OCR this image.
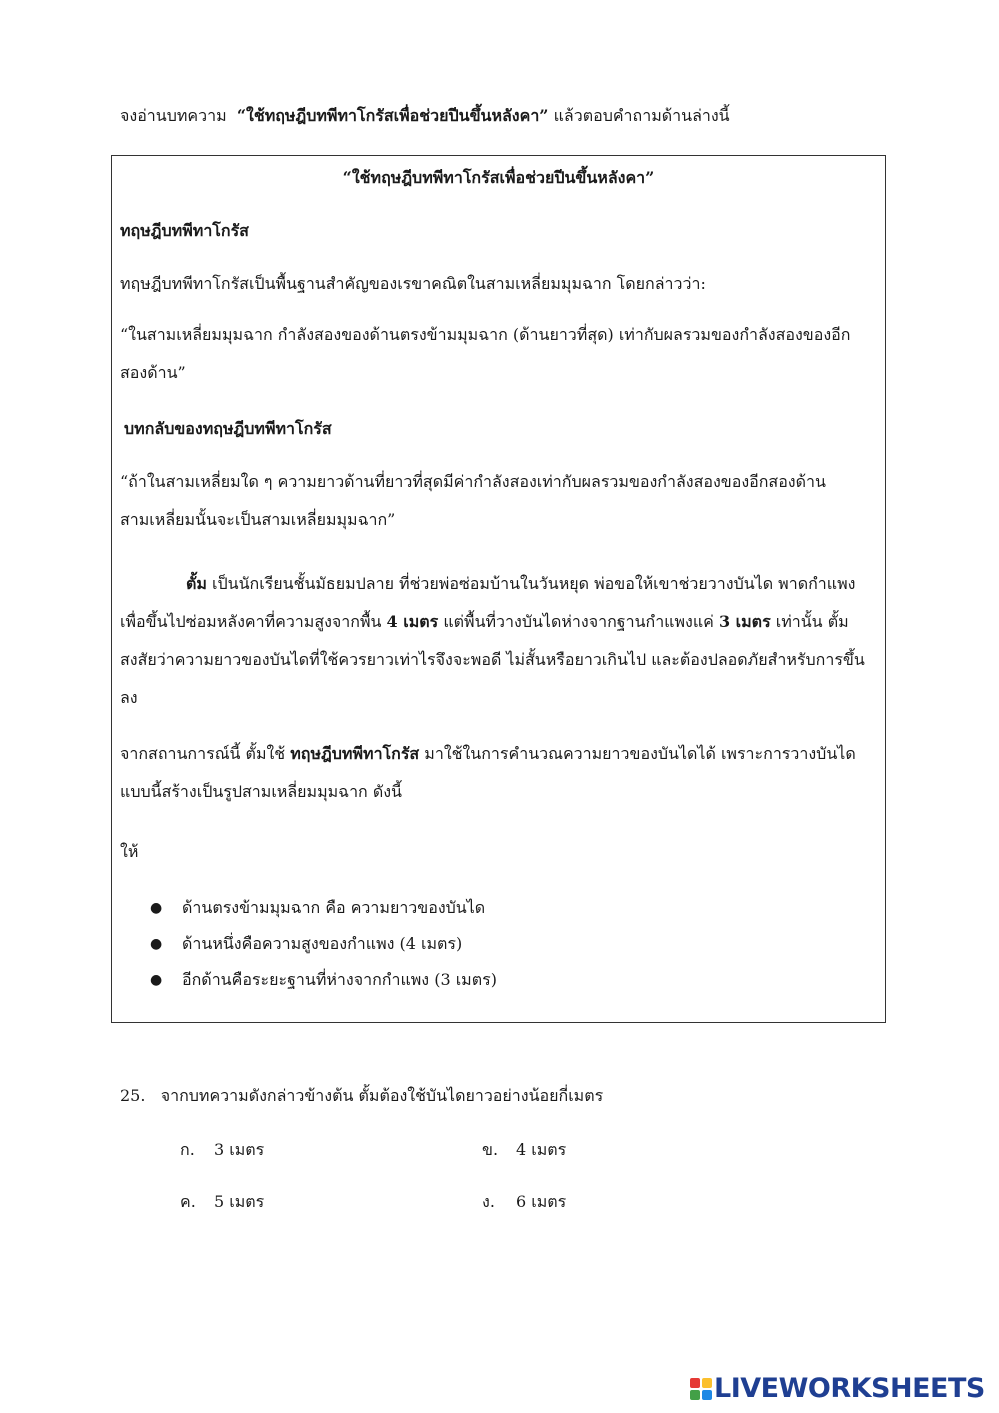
จงอ่านบทความ “ใช้ทฤษฎีบทพีทาโกรัสเพื่อช่วยปีนขึ้นหลังคา” แล้วตอบคำถามด้านล่างนี้
“ใช้ทฤษฎีบทพีทาโกรัสเพื่อช่วยปีนขึ้นหลังคา”
ทฤษฎีบทพีทาโกรัส
ทฤษฎีบทพีทาโกรัสเป็นพื้นฐานสำคัญของเรขาคณิตในสามเหลี่ยมมุมฉาก โดยกล่าวว่า:
“ในสามเหลี่ยมมุมฉาก กำลังสองของด้านตรงข้ามมุมฉาก (ด้านยาวที่สุด) เท่ากับผลรวมของกำลังสองของอีกสองด้าน”
บทกลับของทฤษฎีบทพีทาโกรัส
“ถ้าในสามเหลี่ยมใด ๆ ความยาวด้านที่ยาวที่สุดมีค่ากำลังสองเท่ากับผลรวมของกำลังสองของอีกสองด้าน สามเหลี่ยมนั้นจะเป็นสามเหลี่ยมมุมฉาก”
ตั้ม เป็นนักเรียนชั้นมัธยมปลาย ที่ช่วยพ่อซ่อมบ้านในวันหยุด พ่อขอให้เขาช่วยวางบันได พาดกำแพงเพื่อขึ้นไปซ่อมหลังคาที่ความสูงจากพื้น 4 เมตร แต่พื้นที่วางบันไดห่างจากฐานกำแพงแค่ 3 เมตร เท่านั้น ตั้มสงสัยว่าความยาวของบันไดที่ใช้ควรยาวเท่าไรจึงจะพอดี ไม่สั้นหรือยาวเกินไป และต้องปลอดภัยสำหรับการขึ้นลง
จากสถานการณ์นี้ ตั้มใช้ ทฤษฎีบทพีทาโกรัส มาใช้ในการคำนวณความยาวของบันไดได้ เพราะการวางบันไดแบบนี้สร้างเป็นรูปสามเหลี่ยมมุมฉาก ดังนี้
ให้
● ด้านตรงข้ามมุมฉาก คือ ความยาวของบันได
● ด้านหนึ่งคือความสูงของกำแพง (4 เมตร)
● อีกด้านคือระยะฐานที่ห่างจากกำแพง (3 เมตร)
25. จากบทความดังกล่าวข้างต้น ตั้มต้องใช้บันไดยาวอย่างน้อยกี่เมตร
ก. 3 เมตร	ข. 4 เมตร
ค. 5 เมตร	ง. 6 เมตร
LIVEWORKSHEETS
